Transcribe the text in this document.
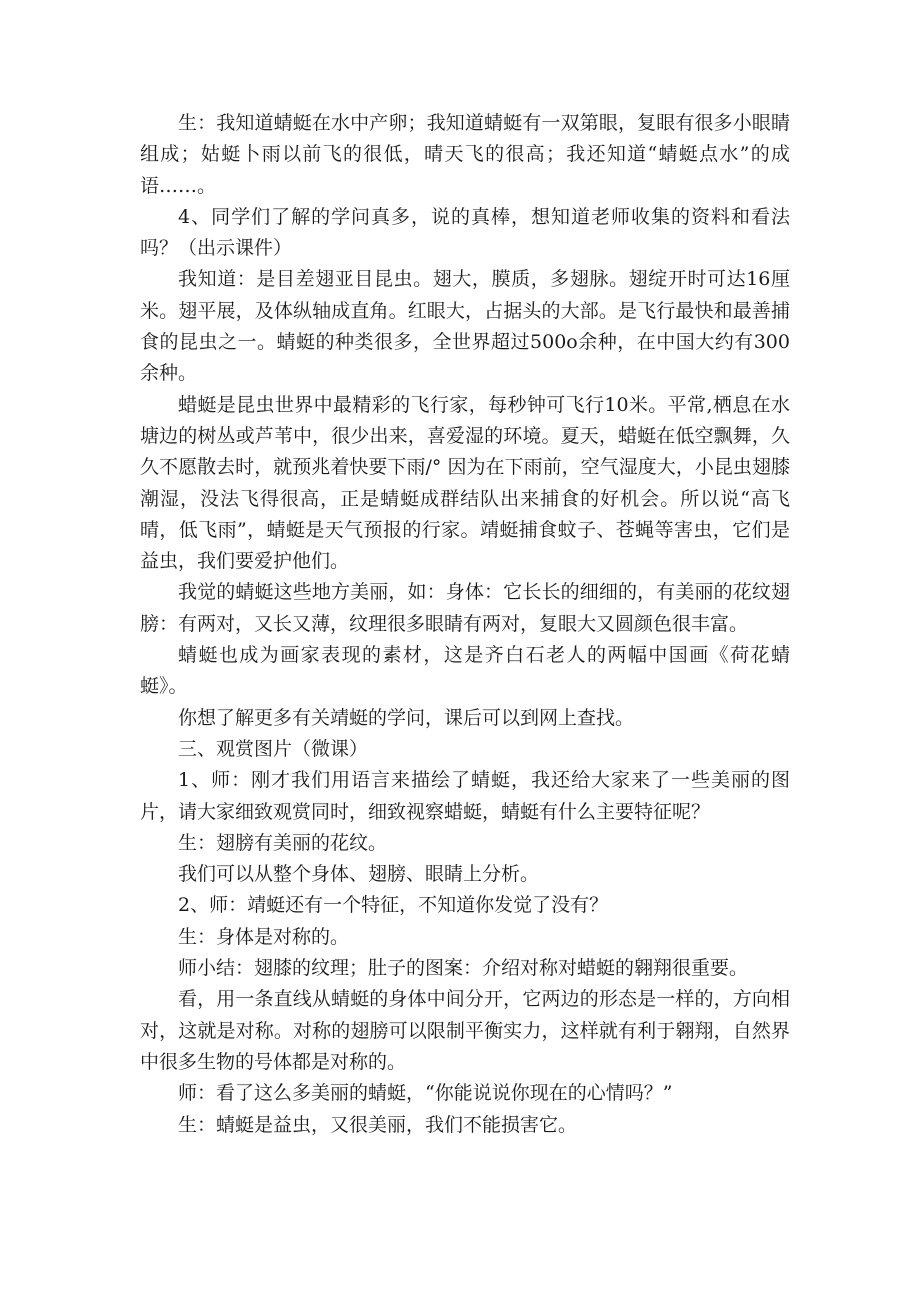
生：我知道蜻蜓在水中产卵；我知道蜻蜓有一双第眼，复眼有很多小眼睛组成；姑蜓卜雨以前飞的很低，晴天飞的很高；我还知道“蜻蜓点水”的成语……。

4、同学们了解的学问真多，说的真棒，想知道老师收集的资料和看法吗？（出示课件）

我知道：是目差翅亚目昆虫。翅大，膜质，多翅脉。翅绽开时可达16厘米。翅平展，及体纵轴成直角。红眼大，占据头的大部。是飞行最快和最善捕食的昆虫之一。蜻蜓的种类很多，全世界超过500o余种，在中国大约有300余种。

蜡蜓是昆虫世界中最精彩的飞行家，每秒钟可飞行10米。平常,栖息在水塘边的树丛或芦苇中，很少出来，喜爱湿的环境。夏天，蜡蜓在低空飘舞，久久不愿散去时，就预兆着快要下雨/° 因为在下雨前，空气湿度大，小昆虫翅膝潮湿，没法飞得很高，正是蜻蜓成群结队出来捕食的好机会。所以说“高飞晴，低飞雨”，蜻蜓是天气预报的行家。靖蜓捕食蚊子、苍蝇等害虫，它们是益虫，我们要爱护他们。

我觉的蜻蜓这些地方美丽，如：身体：它长长的细细的，有美丽的花纹翅膀：有两对，又长又薄，纹理很多眼睛有两对，复眼大又圆颜色很丰富。

蜻蜓也成为画家表现的素材，这是齐白石老人的两幅中国画《荷花蜻蜓》。

你想了解更多有关靖蜓的学问，课后可以到网上查找。

三、观赏图片（微课）

1、师：刚才我们用语言来描绘了蜻蜓，我还给大家来了一些美丽的图片，请大家细致观赏同时，细致视察蜡蜓，蜻蜓有什么主要特征呢？

生：翅膀有美丽的花纹。

我们可以从整个身体、翅膀、眼睛上分析。

2、师：靖蜓还有一个特征，不知道你发觉了没有？

生：身体是对称的。

师小结：翅膝的纹理；肚子的图案：介绍对称对蜡蜓的翱翔很重要。

看，用一条直线从蜻蜓的身体中间分开，它两边的形态是一样的，方向相对，这就是对称。对称的翅膀可以限制平衡实力，这样就有利于翱翔，自然界中很多生物的号体都是对称的。

师：看了这么多美丽的蜻蜓，“你能说说你现在的心情吗？”

生：蜻蜓是益虫，又很美丽，我们不能损害它。
